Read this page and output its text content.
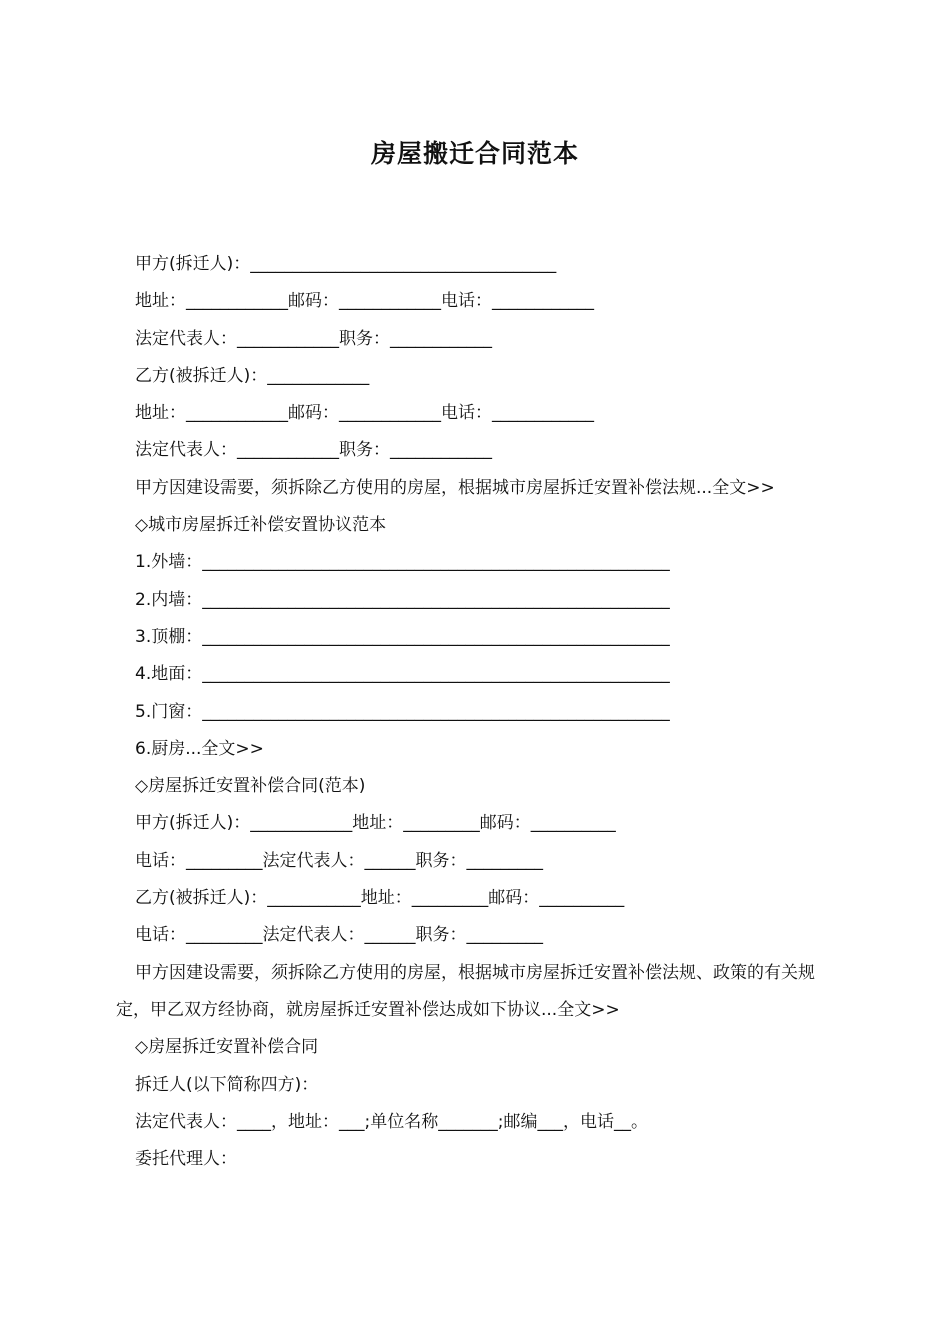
房屋搬迁合同范本
甲方(拆迁人)：____________________________________
地址：____________邮码：____________电话：____________
法定代表人：____________职务：____________
乙方(被拆迁人)：____________
地址：____________邮码：____________电话：____________
法定代表人：____________职务：____________
甲方因建设需要，须拆除乙方使用的房屋，根据城市房屋拆迁安置补偿法规...全文>>
◇城市房屋拆迁补偿安置协议范本
1.外墙：_______________________________________________________
2.内墙：_______________________________________________________
3.顶棚：_______________________________________________________
4.地面：_______________________________________________________
5.门窗：_______________________________________________________
6.厨房...全文>>
◇房屋拆迁安置补偿合同(范本)
甲方(拆迁人)：____________地址：_________邮码：__________
电话：_________法定代表人：______职务：_________
乙方(被拆迁人)：___________地址：_________邮码：__________
电话：_________法定代表人：______职务：_________
甲方因建设需要，须拆除乙方使用的房屋，根据城市房屋拆迁安置补偿法规、政策的有关规定，甲乙双方经协商，就房屋拆迁安置补偿达成如下协议...全文>>
◇房屋拆迁安置补偿合同
拆迁人(以下简称四方)：
法定代表人：____，地址：___;单位名称_______;邮编___，电话__。
委托代理人：
